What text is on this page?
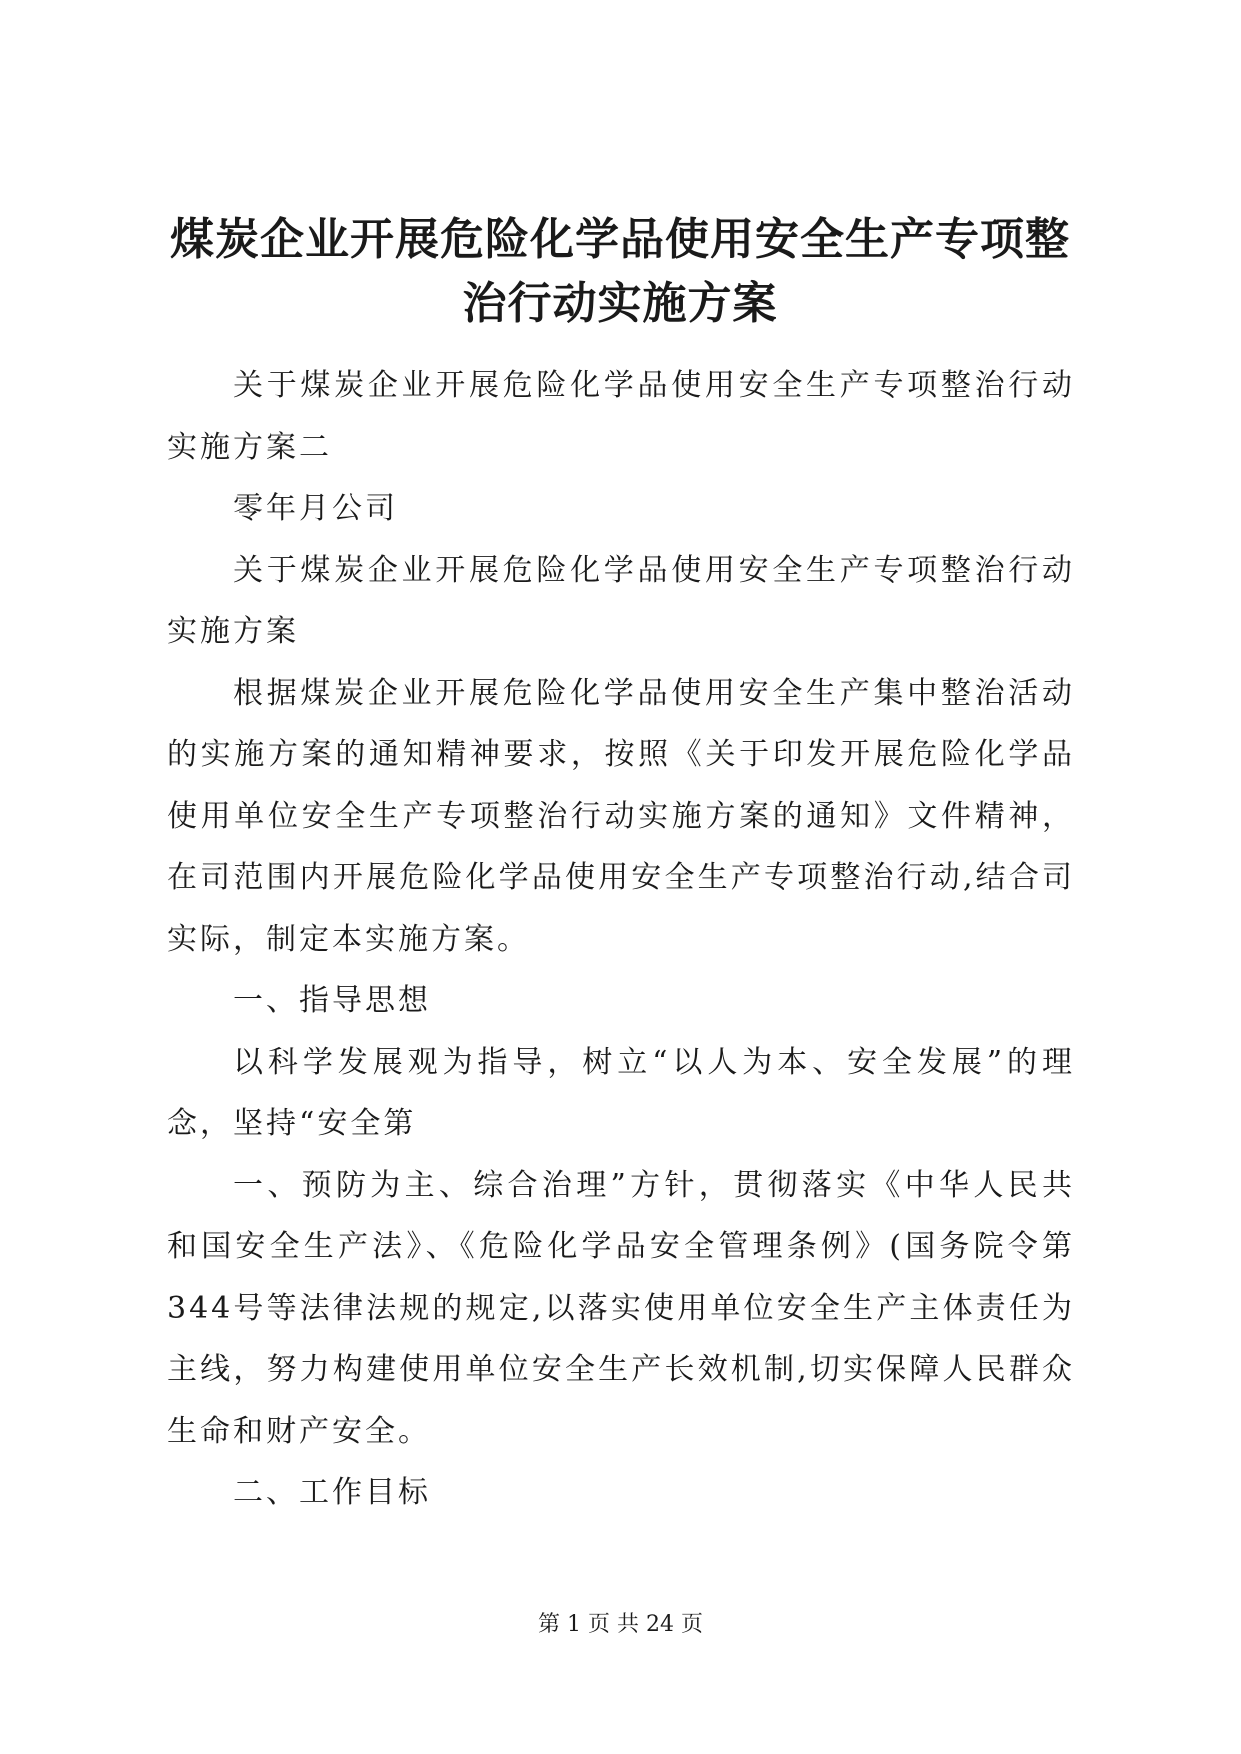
煤炭企业开展危险化学品使用安全生产专项整治行动实施方案

关于煤炭企业开展危险化学品使用安全生产专项整治行动实施方案二

零年月公司

关于煤炭企业开展危险化学品使用安全生产专项整治行动实施方案

根据煤炭企业开展危险化学品使用安全生产集中整治活动的实施方案的通知精神要求，按照《关于印发开展危险化学品使用单位安全生产专项整治行动实施方案的通知》文件精神，在司范围内开展危险化学品使用安全生产专项整治行动,结合司实际，制定本实施方案。

一、指导思想

以科学发展观为指导，树立“以人为本、安全发展”的理念，坚持“安全第

一、预防为主、综合治理”方针，贯彻落实《中华人民共和国安全生产法》、《危险化学品安全管理条例》(国务院令第344号等法律法规的规定,以落实使用单位安全生产主体责任为主线，努力构建使用单位安全生产长效机制,切实保障人民群众生命和财产安全。

二、工作目标

第 1 页 共 24 页
